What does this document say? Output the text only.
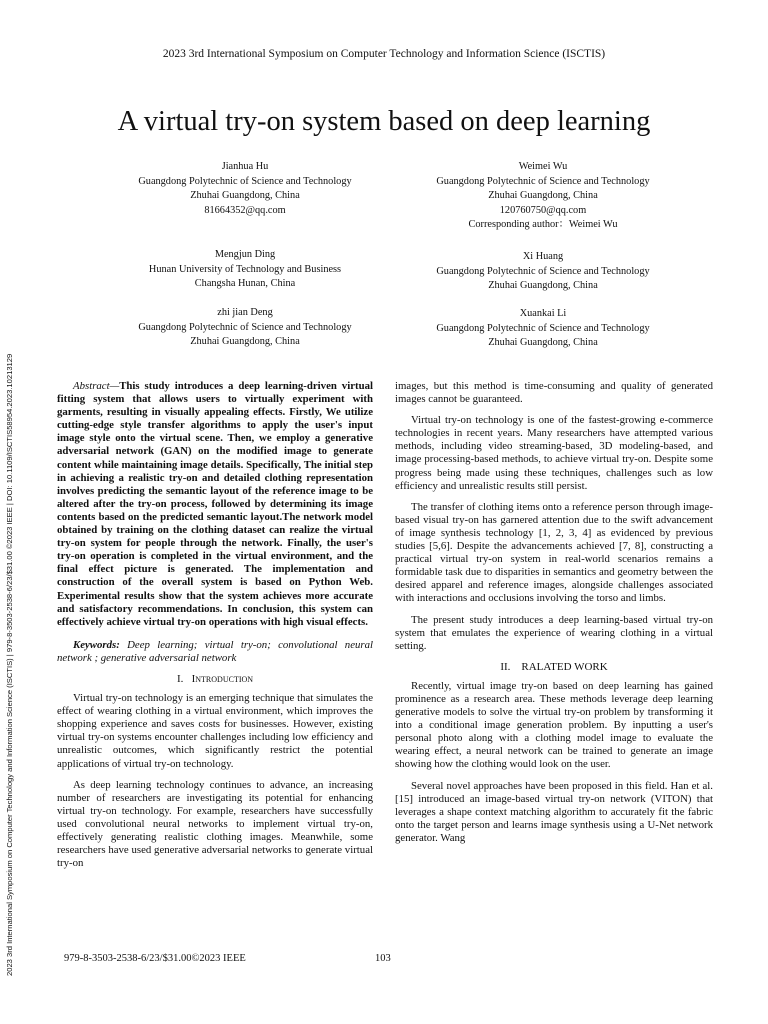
2023 3rd International Symposium on Computer Technology and Information Science (ISCTIS) | 979-8-3503-2538-6/23/$31.00 ©2023 IEEE | DOI: 10.1109/ISCTIS58954.2023.10213129
2023 3rd International Symposium on Computer Technology and Information Science (ISCTIS)
A virtual try-on system based on deep learning
Jianhua Hu
Guangdong Polytechnic of Science and Technology
Zhuhai Guangdong, China
81664352@qq.com
Weimei Wu
Guangdong Polytechnic of Science and Technology
Zhuhai Guangdong, China
120760750@qq.com
Corresponding author：Weimei Wu
Mengjun Ding
Hunan University of Technology and Business
Changsha Hunan, China
Xi Huang
Guangdong Polytechnic of Science and Technology
Zhuhai Guangdong, China
zhi jian Deng
Guangdong Polytechnic of Science and Technology
Zhuhai Guangdong, China
Xuankai Li
Guangdong Polytechnic of Science and Technology
Zhuhai Guangdong, China

Abstract—This study introduces a deep learning-driven virtual fitting system that allows users to virtually experiment with garments, resulting in visually appealing effects. Firstly, We utilize cutting-edge style transfer algorithms to apply the user's input image style onto the virtual scene. Then, we employ a generative adversarial network (GAN) on the modified image to generate content while maintaining image details. Specifically, The initial step in achieving a realistic try-on and detailed clothing representation involves predicting the semantic layout of the reference image to be altered after the try-on process, followed by determining its image contents based on the predicted semantic layout.The network model obtained by training on the clothing dataset can realize the virtual try-on system for people through the network. Finally, the user's try-on operation is completed in the virtual environment, and the final effect picture is generated. The implementation and construction of the overall system is based on Python Web. Experimental results show that the system achieves more accurate and satisfactory recommendations. In conclusion, this system can effectively achieve virtual try-on operations with high visual effects.

Keywords: Deep learning; virtual try-on; convolutional neural network ; generative adversarial network

I. Introduction

Virtual try-on technology is an emerging technique that simulates the effect of wearing clothing in a virtual environment, which improves the shopping experience and saves costs for businesses. However, existing virtual try-on systems encounter challenges including low efficiency and unrealistic outcomes, which significantly restrict the potential applications of virtual try-on technology.

As deep learning technology continues to advance, an increasing number of researchers are investigating its potential for enhancing virtual try-on technology. For example, researchers have successfully used convolutional neural networks to implement virtual try-on, effectively generating realistic clothing images. Meanwhile, some researchers have used generative adversarial networks to generate virtual try-on

images, but this method is time-consuming and quality of generated images cannot be guaranteed.

Virtual try-on technology is one of the fastest-growing e-commerce technologies in recent years. Many researchers have attempted various methods, including video streaming-based, 3D modeling-based, and image processing-based methods, to achieve virtual try-on. Despite some progress being made using these techniques, challenges such as low efficiency and unrealistic results still persist.

The transfer of clothing items onto a reference person through image-based visual try-on has garnered attention due to the swift advancement of image synthesis technology [1, 2, 3, 4] as evidenced by previous studies [5,6]. Despite the advancements achieved [7, 8], constructing a practical virtual try-on system in real-world scenarios remains a formidable task due to disparities in semantics and geometry between the desired apparel and reference images, alongside challenges associated with interactions and occlusions involving the torso and limbs.

The present study introduces a deep learning-based virtual try-on system that emulates the experience of wearing clothing in a virtual setting.

II. RALATED WORK

Recently, virtual image try-on based on deep learning has gained prominence as a research area. These methods leverage deep learning generative models to solve the virtual try-on problem by transforming it into a conditional image generation problem. By inputting a user's personal photo along with a clothing model image to evaluate the wearing effect, a neural network can be trained to generate an image showing how the clothing would look on the user.

Several novel approaches have been proposed in this field. Han et al. [15] introduced an image-based virtual try-on network (VITON) that leverages a shape context matching algorithm to accurately fit the fabric onto the target person and learns image synthesis using a U-Net network generator. Wang

979-8-3503-2538-6/23/$31.00©2023 IEEE	103
